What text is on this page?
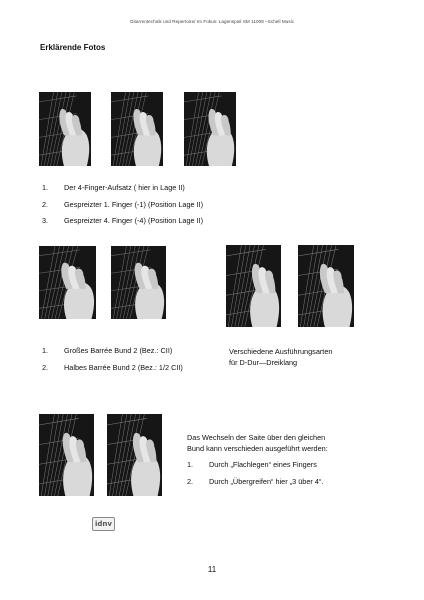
Gitarrentechnik und Repertoire/ Im Fokus: Lagenspiel SM 11008 –Schell Music
Erklärende Fotos
1. Der 4-Finger-Aufsatz ( hier in Lage II)
2. Gespreizter 1. Finger (-1) (Position Lage II)
3. Gespreizter 4. Finger (-4) (Position Lage II)
1. Großes Barrée Bund 2 (Bez.: CII)
2. Halbes Barrée Bund 2 (Bez.: 1/2 CII)
Verschiedene Ausführungsarten
für D-Dur—Dreiklang
Das Wechseln der Saite über den gleichen
Bund kann verschieden ausgeführt werden:
1. Durch „Flachlegen“ eines Fingers
2. Durch „Übergreifen“ hier „3 über 4“.
idnv
11
